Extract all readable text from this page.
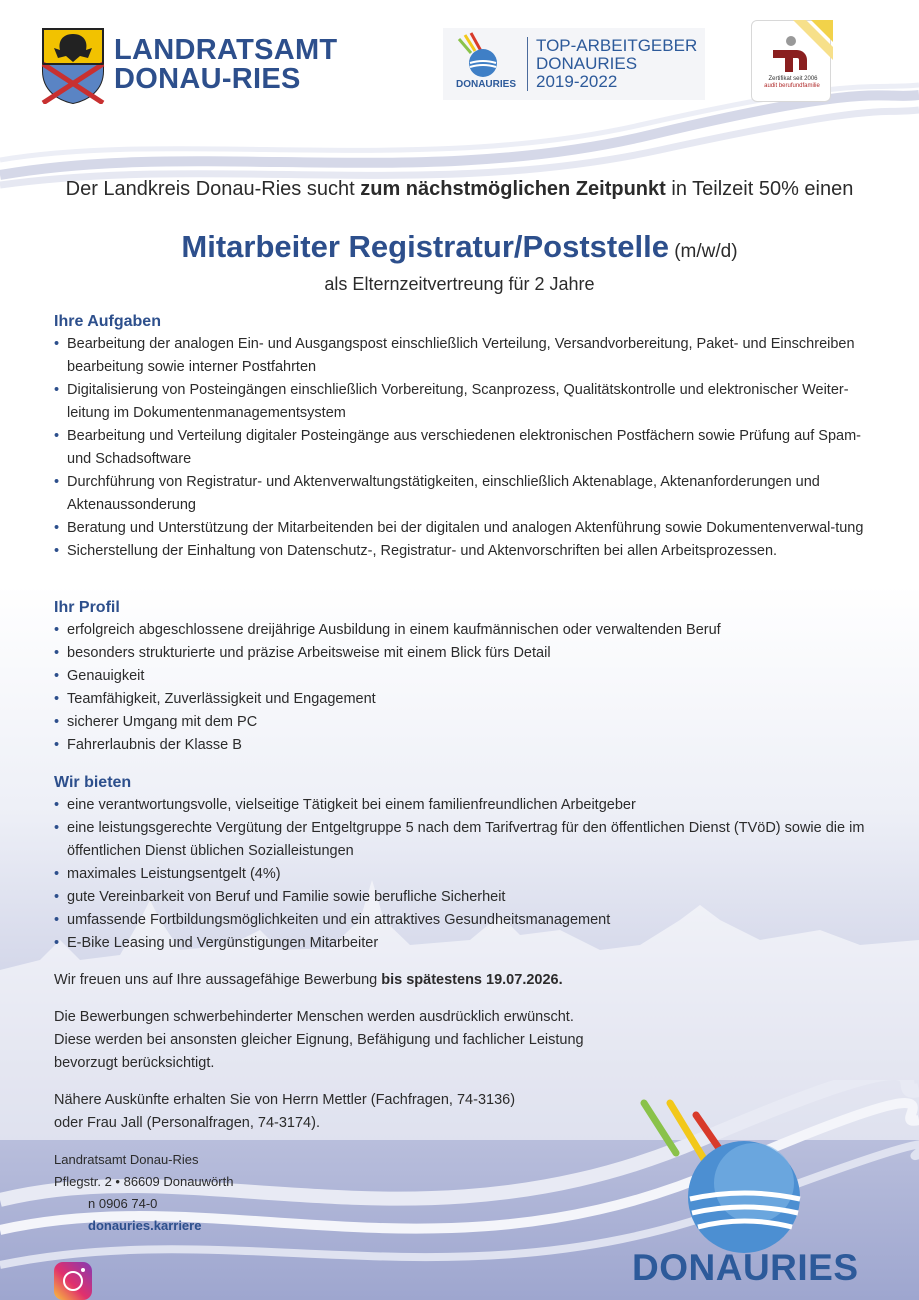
LANDRATSAMT
DONAU-RIES	DONAURIES
TOP-ARBEITGEBER
DONAURIES
2019-2022	Zertifikat seit 2006
audit berufundfamilie
Der Landkreis Donau-Ries sucht zum nächstmöglichen Zeitpunkt in Teilzeit 50% einen
Mitarbeiter Registratur/Poststelle (m/w/d)
als Elternzeitvertreung für 2 Jahre
Ihre Aufgaben
• Bearbeitung der analogen Ein- und Ausgangspost einschließlich Verteilung, Versandvorbereitung, Paket- und Einschreiben bearbeitung sowie interner Postfahrten
• Digitalisierung von Posteingängen einschließlich Vorbereitung, Scanprozess, Qualitätskontrolle und elektronischer Weiter-leitung im Dokumentenmanagementsystem
• Bearbeitung und Verteilung digitaler Posteingänge aus verschiedenen elektronischen Postfächern sowie Prüfung auf Spam- und Schadsoftware
• Durchführung von Registratur- und Aktenverwaltungstätigkeiten, einschließlich Aktenablage, Aktenanforderungen und Aktenaussonderung
• Beratung und Unterstützung der Mitarbeitenden bei der digitalen und analogen Aktenführung sowie Dokumentenverwal-tung
• Sicherstellung der Einhaltung von Datenschutz-, Registratur- und Aktenvorschriften bei allen Arbeitsprozessen.
Ihr Profil
• erfolgreich abgeschlossene dreijährige Ausbildung in einem kaufmännischen oder verwaltenden Beruf
• besonders strukturierte und präzise Arbeitsweise mit einem Blick fürs Detail
• Genauigkeit
• Teamfähigkeit, Zuverlässigkeit und Engagement
• sicherer Umgang mit dem PC
• Fahrerlaubnis der Klasse B
Wir bieten
• eine verantwortungsvolle, vielseitige Tätigkeit bei einem familienfreundlichen Arbeitgeber
• eine leistungsgerechte Vergütung der Entgeltgruppe 5 nach dem Tarifvertrag für den öffentlichen Dienst (TVöD) sowie die im öffentlichen Dienst üblichen Sozialleistungen
• maximales Leistungsentgelt (4%)
• gute Vereinbarkeit von Beruf und Familie sowie berufliche Sicherheit
• umfassende Fortbildungsmöglichkeiten und ein attraktives Gesundheitsmanagement
• E-Bike Leasing und Vergünstigungen Mitarbeiter

Wir freuen uns auf Ihre aussagefähige Bewerbung bis spätestens 19.07.2026.

Die Bewerbungen schwerbehinderter Menschen werden ausdrücklich erwünscht.
Diese werden bei ansonsten gleicher Eignung, Befähigung und fachlicher Leistung
bevorzugt berücksichtigt.

Nähere Auskünfte erhalten Sie von Herrn Mettler (Fachfragen, 74-3136)
oder Frau Jall (Personalfragen, 74-3174).

Landratsamt Donau-Ries
Pflegstr. 2 • 86609 Donauwörth
n 0906 74-0
donauries.karriere
DONAURIES
